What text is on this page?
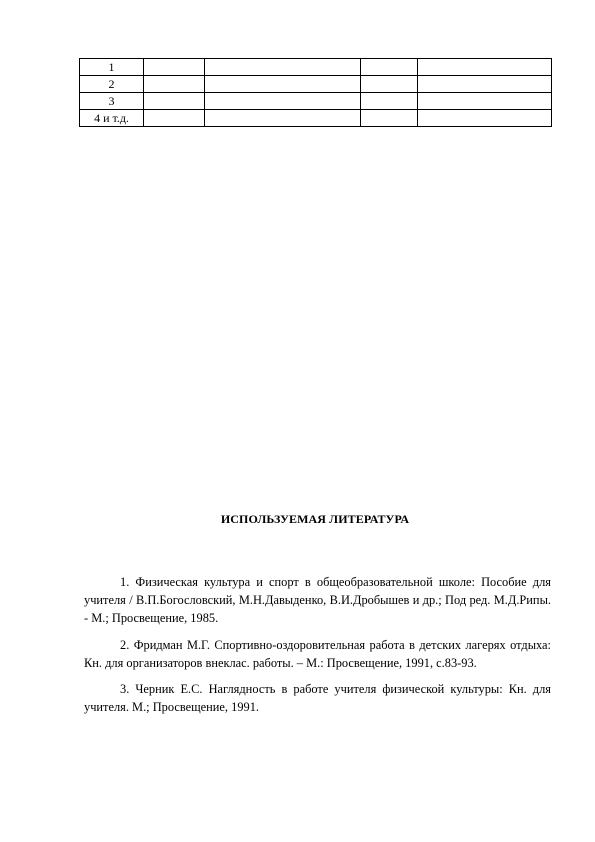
1				
2				
3				
4 и т.д.				
ИСПОЛЬЗУЕМАЯ ЛИТЕРАТУРА
1. Физическая культура и спорт в общеобразовательной школе: Пособие для учителя / В.П.Богословский, М.Н.Давыденко, В.И.Дробышев и др.; Под ред. М.Д.Рипы. - М.; Просвещение, 1985.
2. Фридман М.Г. Спортивно-оздоровительная работа в детских лагерях отдыха: Кн. для организаторов внеклас. работы. – М.: Просвещение, 1991, с.83-93.
3. Черник Е.С. Наглядность в работе учителя физической культуры: Кн. для учителя. М.; Просвещение, 1991.
